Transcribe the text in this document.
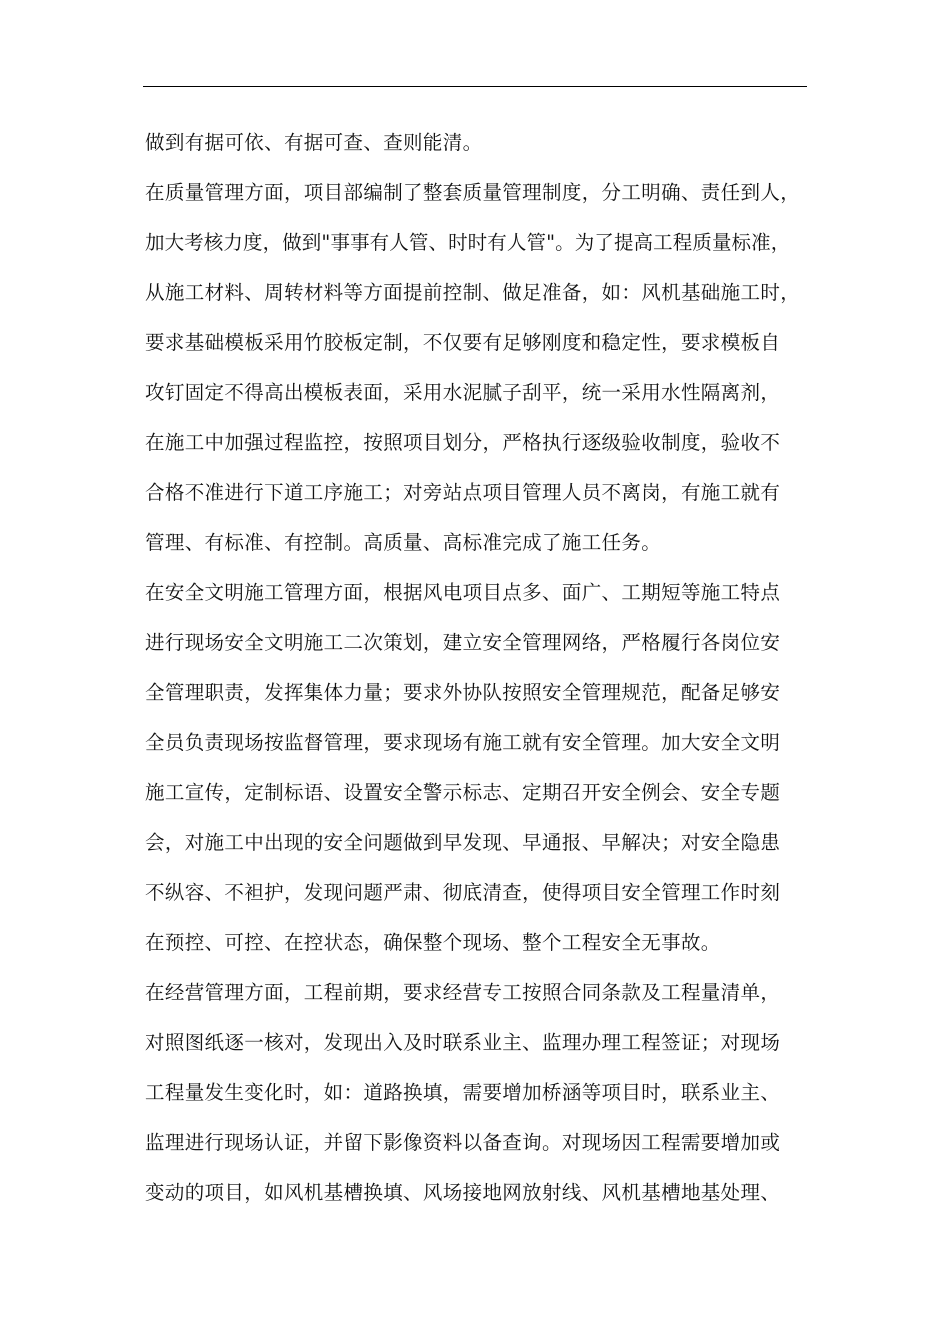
做到有据可依、有据可查、查则能清。
在质量管理方面，项目部编制了整套质量管理制度，分工明确、责任到人，
加大考核力度，做到"事事有人管、时时有人管"。为了提高工程质量标准，
从施工材料、周转材料等方面提前控制、做足准备，如：风机基础施工时，
要求基础模板采用竹胶板定制，不仅要有足够刚度和稳定性，要求模板自
攻钉固定不得高出模板表面，采用水泥腻子刮平，统一采用水性隔离剂，
在施工中加强过程监控，按照项目划分，严格执行逐级验收制度，验收不
合格不准进行下道工序施工；对旁站点项目管理人员不离岗，有施工就有
管理、有标准、有控制。高质量、高标准完成了施工任务。
在安全文明施工管理方面，根据风电项目点多、面广、工期短等施工特点
进行现场安全文明施工二次策划，建立安全管理网络，严格履行各岗位安
全管理职责，发挥集体力量；要求外协队按照安全管理规范，配备足够安
全员负责现场按监督管理，要求现场有施工就有安全管理。加大安全文明
施工宣传，定制标语、设置安全警示标志、定期召开安全例会、安全专题
会，对施工中出现的安全问题做到早发现、早通报、早解决；对安全隐患
不纵容、不袒护，发现问题严肃、彻底清查，使得项目安全管理工作时刻
在预控、可控、在控状态，确保整个现场、整个工程安全无事故。
在经营管理方面，工程前期，要求经营专工按照合同条款及工程量清单，
对照图纸逐一核对，发现出入及时联系业主、监理办理工程签证；对现场
工程量发生变化时，如：道路换填，需要增加桥涵等项目时，联系业主、
监理进行现场认证，并留下影像资料以备查询。对现场因工程需要增加或
变动的项目，如风机基槽换填、风场接地网放射线、风机基槽地基处理、
